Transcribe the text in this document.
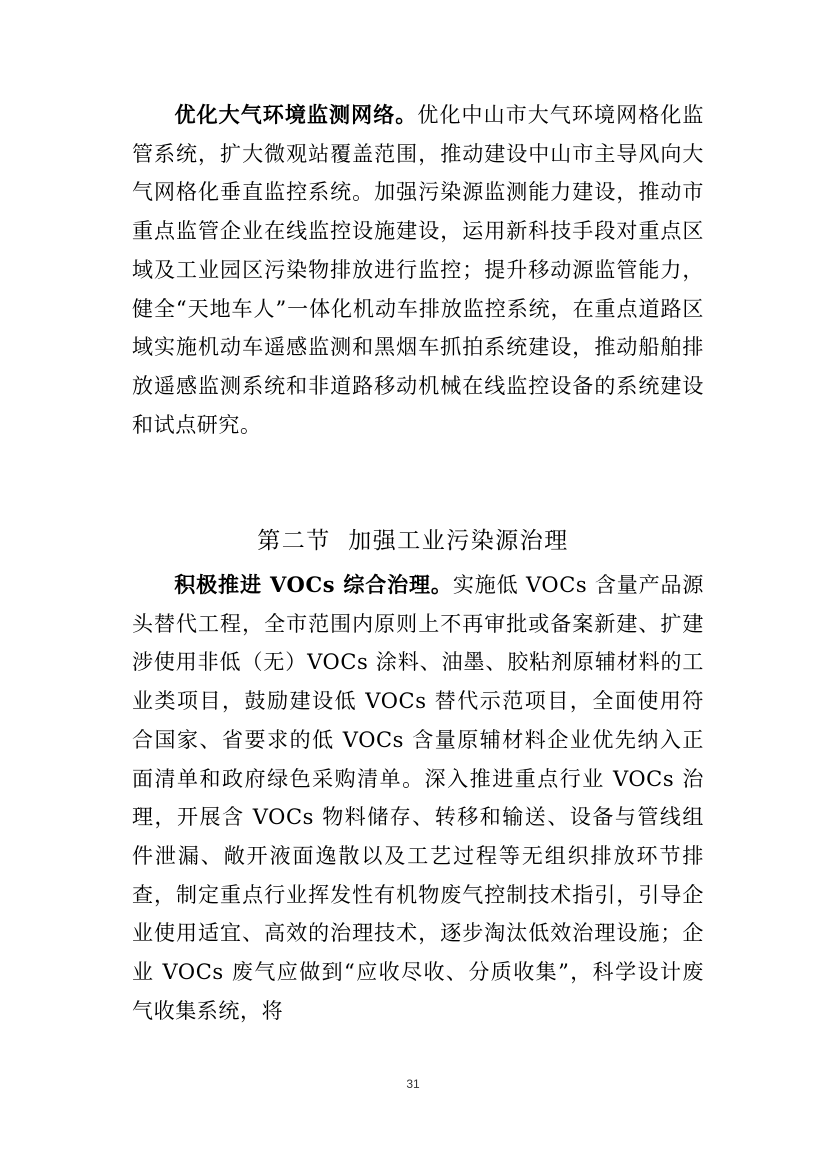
优化大气环境监测网络。优化中山市大气环境网格化监管系统，扩大微观站覆盖范围，推动建设中山市主导风向大气网格化垂直监控系统。加强污染源监测能力建设，推动市重点监管企业在线监控设施建设，运用新科技手段对重点区域及工业园区污染物排放进行监控；提升移动源监管能力，健全“天地车人”一体化机动车排放监控系统，在重点道路区域实施机动车遥感监测和黑烟车抓拍系统建设，推动船舶排放遥感监测系统和非道路移动机械在线监控设备的系统建设和试点研究。

第二节  加强工业污染源治理

积极推进 VOCs 综合治理。实施低 VOCs 含量产品源头替代工程，全市范围内原则上不再审批或备案新建、扩建涉使用非低（无）VOCs 涂料、油墨、胶粘剂原辅材料的工业类项目，鼓励建设低 VOCs 替代示范项目，全面使用符合国家、省要求的低 VOCs 含量原辅材料企业优先纳入正面清单和政府绿色采购清单。深入推进重点行业 VOCs 治理，开展含 VOCs 物料储存、转移和输送、设备与管线组件泄漏、敞开液面逸散以及工艺过程等无组织排放环节排查，制定重点行业挥发性有机物废气控制技术指引，引导企业使用适宜、高效的治理技术，逐步淘汰低效治理设施；企业 VOCs 废气应做到“应收尽收、分质收集”，科学设计废气收集系统，将

31
